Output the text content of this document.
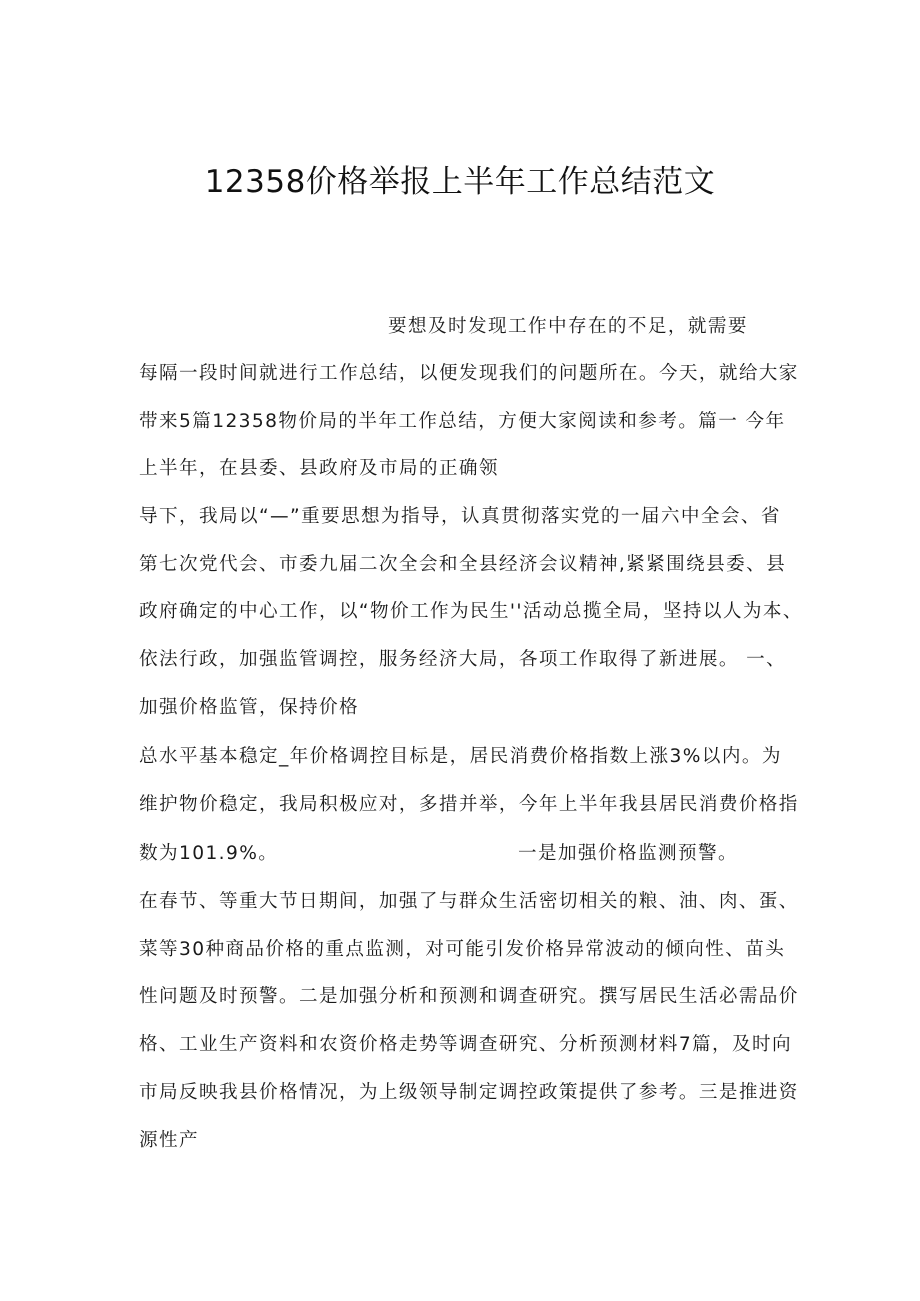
12358价格举报上半年工作总结范文
要想及时发现工作中存在的不足，就需要
每隔一段时间就进行工作总结，以便发现我们的问题所在。今天，就给大家
带来5篇12358物价局的半年工作总结，方便大家阅读和参考。篇一 今年
上半年，在县委、县政府及市局的正确领
导下，我局以“—”重要思想为指导，认真贯彻落实党的一届六中全会、省
第七次党代会、市委九届二次全会和全县经济会议精神,紧紧围绕县委、县
政府确定的中心工作，以“物价工作为民生''活动总揽全局，坚持以人为本、
依法行政，加强监管调控，服务经济大局，各项工作取得了新进展。 一、
加强价格监管，保持价格
总水平基本稳定_年价格调控目标是，居民消费价格指数上涨3%以内。为
维护物价稳定，我局积极应对，多措并举，今年上半年我县居民消费价格指
数为101.9%。	一是加强价格监测预警。
在春节、等重大节日期间，加强了与群众生活密切相关的粮、油、肉、蛋、
菜等30种商品价格的重点监测，对可能引发价格异常波动的倾向性、苗头
性问题及时预警。二是加强分析和预测和调查研究。撰写居民生活必需品价
格、工业生产资料和农资价格走势等调查研究、分析预测材料7篇，及时向
市局反映我县价格情况，为上级领导制定调控政策提供了参考。三是推进资
源性产
